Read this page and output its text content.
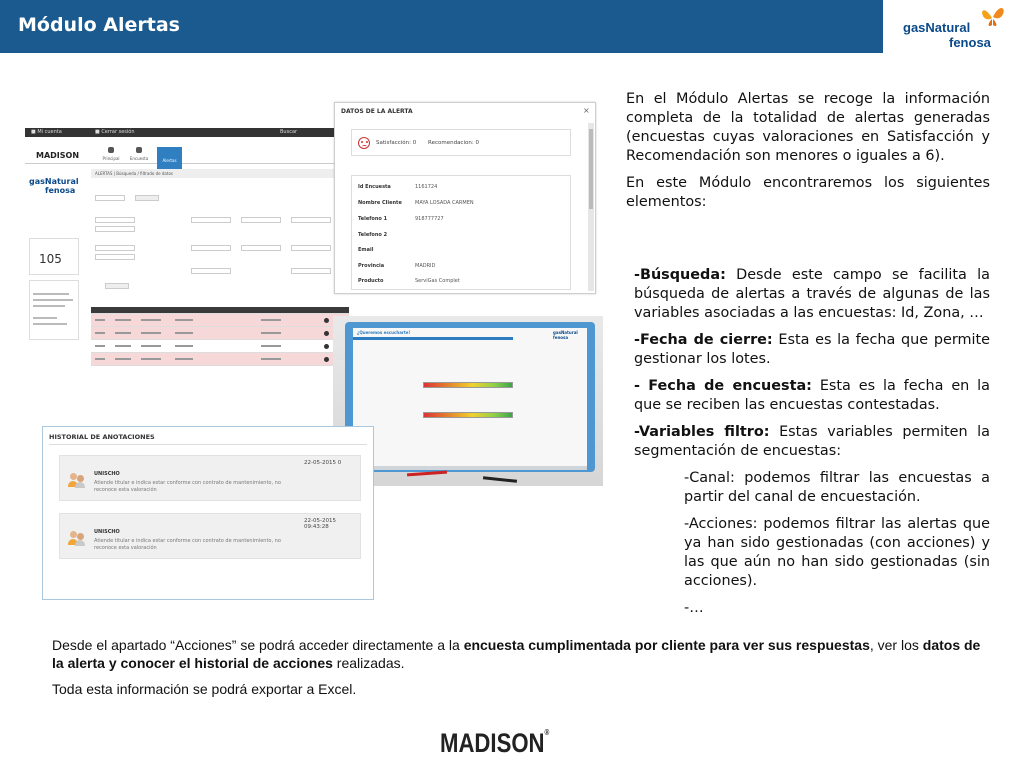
Módulo Alertas	gasNatural
fenosa
■ Mi cuenta	■ Cerrar sesión	Buscar
MADISON	Principal	Encuesta	Alertas
gasNatural
fenosa
105
ALERTAS | Búsqueda / filtrado de datos
DATOS DE LA ALERTA	×
Satisfacción: 0 Recomendacion: 0
Id Encuesta	1161724
Nombre Cliente	MAYA LOSADA CARMEN
Telefono 1	918777727
Telefono 2
Email
Provincia	MADRID
Producto	ServiGas Complet
¿Queremos escucharte!	gasNatural fenosa
HISTORIAL DE ANOTACIONES
22-05-2015 0
UNISCHO
Atiende titular e indica estar conforme con contrato de mantenimiento, no reconoce esta valoración
22-05-2015 09:43:28
UNISCHO
Atiende titular e indica estar conforme con contrato de mantenimiento, no reconoce esta valoración

En el Módulo Alertas se recoge la información completa de la totalidad de alertas generadas (encuestas cuyas valoraciones en Satisfacción y Recomendación son menores o iguales a 6).

En este Módulo encontraremos los siguientes elementos:

-Búsqueda: Desde este campo se facilita la búsqueda de alertas a través de algunas de las variables asociadas a las encuestas: Id, Zona, …

-Fecha de cierre: Esta es la fecha que permite gestionar los lotes.

- Fecha de encuesta: Esta es la fecha en la que se reciben las encuestas contestadas.

-Variables filtro: Estas variables permiten la segmentación de encuestas:

-Canal: podemos filtrar las encuestas a partir del canal de encuestación.

-Acciones: podemos filtrar las alertas que ya han sido gestionadas (con acciones) y las que aún no han sido gestionadas (sin acciones).

-…

Desde el apartado “Acciones” se podrá acceder directamente a la encuesta cumplimentada por cliente para ver sus respuestas, ver los datos de la alerta y conocer el historial de acciones realizadas.

Toda esta información se podrá exportar a Excel.

MADISON®
